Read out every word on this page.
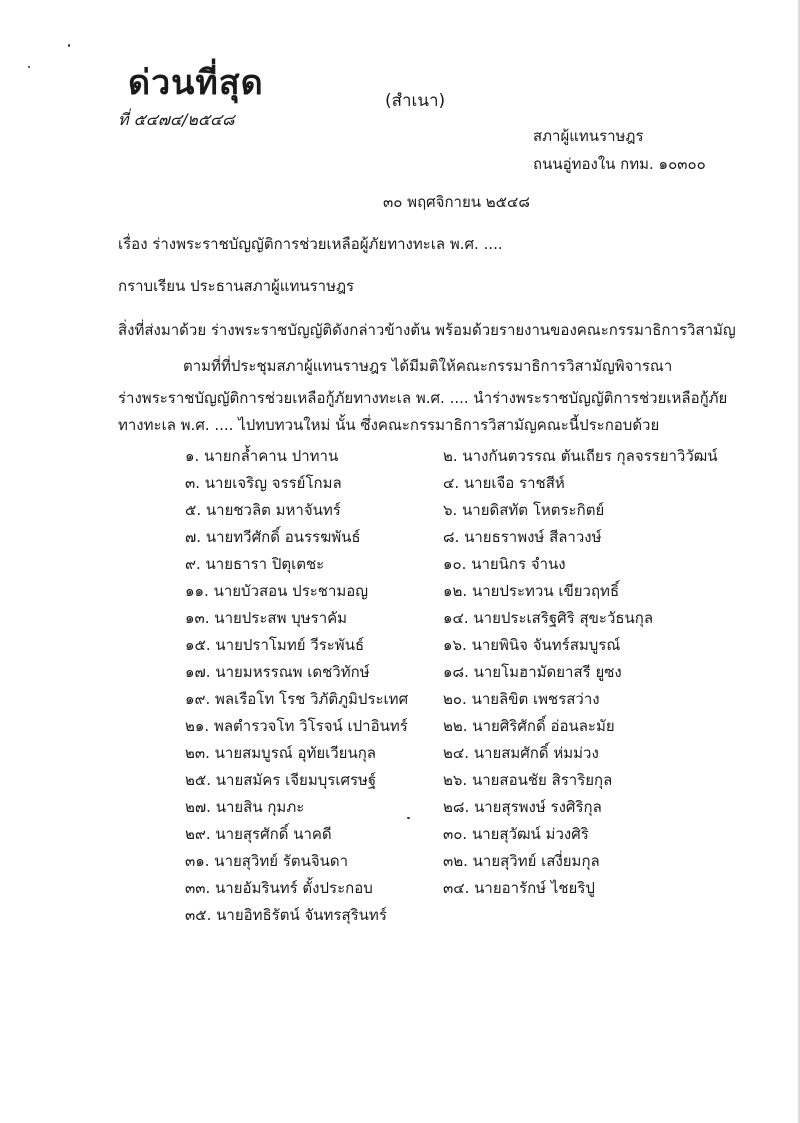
ด่วนที่สุด
ที่ ๕๔๗๔/๒๕๔๘
(สำเนา)
สภาผู้แทนราษฎร
ถนนอู่ทองใน กทม. ๑๐๓๐๐
๓๐ พฤศจิกายน ๒๕๔๘
เรื่อง ร่างพระราชบัญญัติการช่วยเหลือผู้ภัยทางทะเล พ.ศ. ....
กราบเรียน ประธานสภาผู้แทนราษฎร
สิ่งที่ส่งมาด้วย ร่างพระราชบัญญัติดังกล่าวข้างต้น พร้อมด้วยรายงานของคณะกรรมาธิการวิสามัญ
ตามที่ที่ประชุมสภาผู้แทนราษฎร ได้มีมติให้คณะกรรมาธิการวิสามัญพิจารณา
ร่างพระราชบัญญัติการช่วยเหลือกู้ภัยทางทะเล พ.ศ. .... นำร่างพระราชบัญญัติการช่วยเหลือกู้ภัย
ทางทะเล พ.ศ. .... ไปทบทวนใหม่ นั้น ซึ่งคณะกรรมาธิการวิสามัญคณะนี้ประกอบด้วย
๑. นายกล้ำคาน ปาทาน
๓. นายเจริญ จรรย์โกมล
๕. นายชวลิต มหาจันทร์
๗. นายทวีศักดิ์ อนรรฆพันธ์
๙. นายธารา ปิตุเตชะ
๑๑. นายบัวสอน ประชามอญ
๑๓. นายประสพ บุษราคัม
๑๕. นายปราโมทย์ วีระพันธ์
๑๗. นายมหรรณพ เดชวิทักษ์
๑๙. พลเรือโท โรช วิภัติภูมิประเทศ
๒๑. พลตำรวจโท วิโรจน์ เปาอินทร์
๒๓. นายสมบูรณ์ อุทัยเวียนกุล
๒๕. นายสมัคร เจียมบุรเศรษฐ์
๒๗. นายสิน กุมภะ
๒๙. นายสุรศักดิ์ นาคดี
๓๑. นายสุวิทย์ รัตนจินดา
๓๓. นายอัมรินทร์ ตั้งประกอบ
๓๕. นายอิทธิรัตน์ จันทรสุรินทร์
๒. นางกันตวรรณ ตันเถียร กุลจรรยาวิวัฒน์
๔. นายเจือ ราชสีห์
๖. นายดิสทัต โหตระกิตย์
๘. นายธราพงษ์ สีลาวงษ์
๑๐. นายนิกร จำนง
๑๒. นายประทวน เขียวฤทธิ์
๑๔. นายประเสริฐศิริ สุขะวัธนกุล
๑๖. นายพินิจ จันทร์สมบูรณ์
๑๘. นายโมฮามัดยาสรี ยูซง
๒๐. นายลิขิต เพชรสว่าง
๒๒. นายศิริศักดิ์ อ่อนละมัย
๒๔. นายสมศักดิ์ ห่มม่วง
๒๖. นายสอนชัย สิราริยกุล
๒๘. นายสุรพงษ์ รงศิริกุล
๓๐. นายสุวัฒน์ ม่วงศิริ
๓๒. นายสุวิทย์ เสงี่ยมกุล
๓๔. นายอารักษ์ ไชยริปู
